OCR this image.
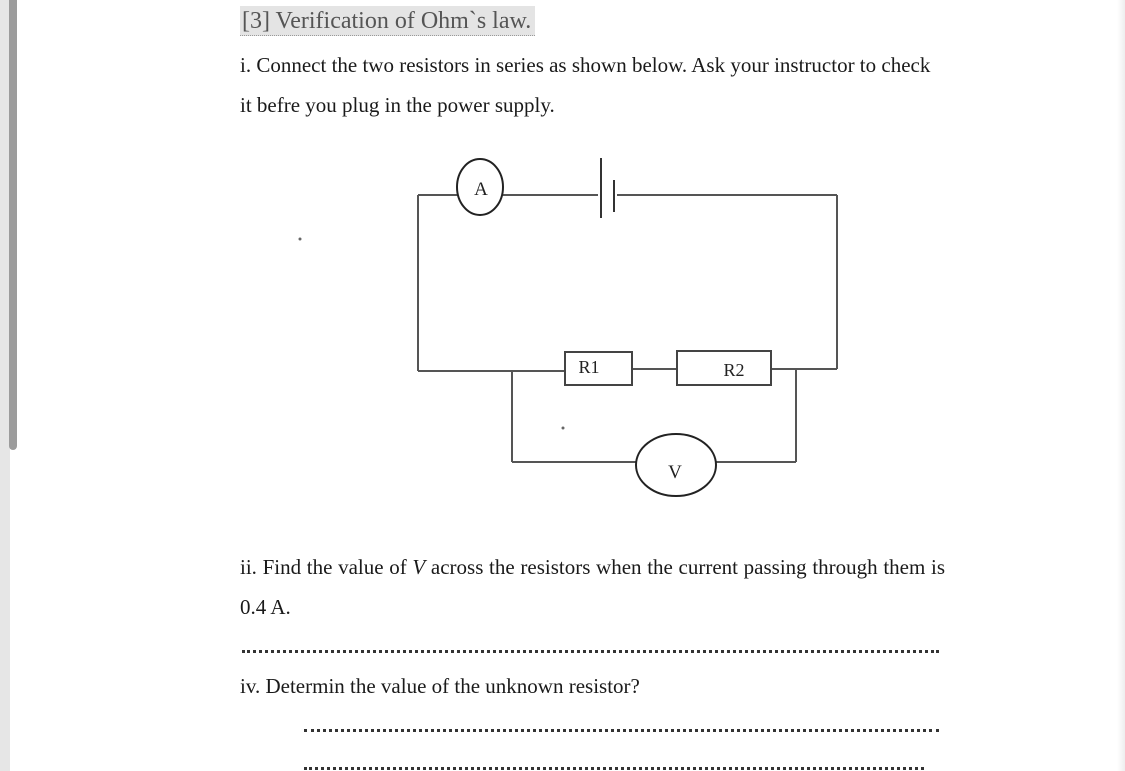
[3] Verification of Ohm`s law.
i. Connect the two resistors in series as shown below. Ask your instructor to check it befre you plug in the power supply.
A
R1	R2
V
ii. Find the value of V across the resistors when the current passing through them is 0.4 A.
iv. Determin the value of the unknown resistor?
